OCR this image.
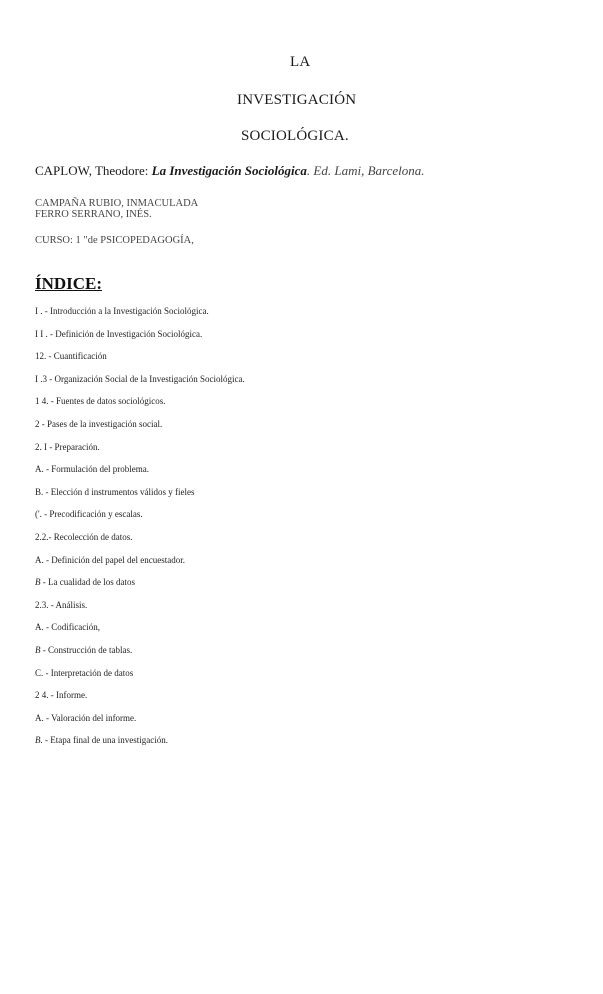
LA
INVESTIGACIÓN
SOCIOLÓGICA.
CAPLOW, Theodore: La Investigación Sociológica. Ed. Lami, Barcelona.
CAMPAÑA RUBIO, INMACULADA
FERRO SERRANO, INÉS.
CURSO: 1 "de PSICOPEDAGOGÍA,
ÍNDICE:
I . - Introducción a la Investigación Sociológica.
I I . - Definición de Investigación Sociológica.
12. - Cuantificación
I .3 - Organización Social de la Investigación Sociológica.
1 4. - Fuentes de datos sociológicos.
2 - Pases de la investigación social.
2. I - Preparación.
A. - Formulación del problema.
B. - Elección d instrumentos válidos y fieles
('. - Precodificación y escalas.
2.2.- Recolección de datos.
A. - Definición del papel del encuestador.
B - La cualidad de los datos
2.3. - Análisis.
A. - Codificación,
B - Construcción de tablas.
C. - Interpretación de datos
2 4. - Informe.
A. - Valoración del informe.
B. - Etapa final de una investigación.
